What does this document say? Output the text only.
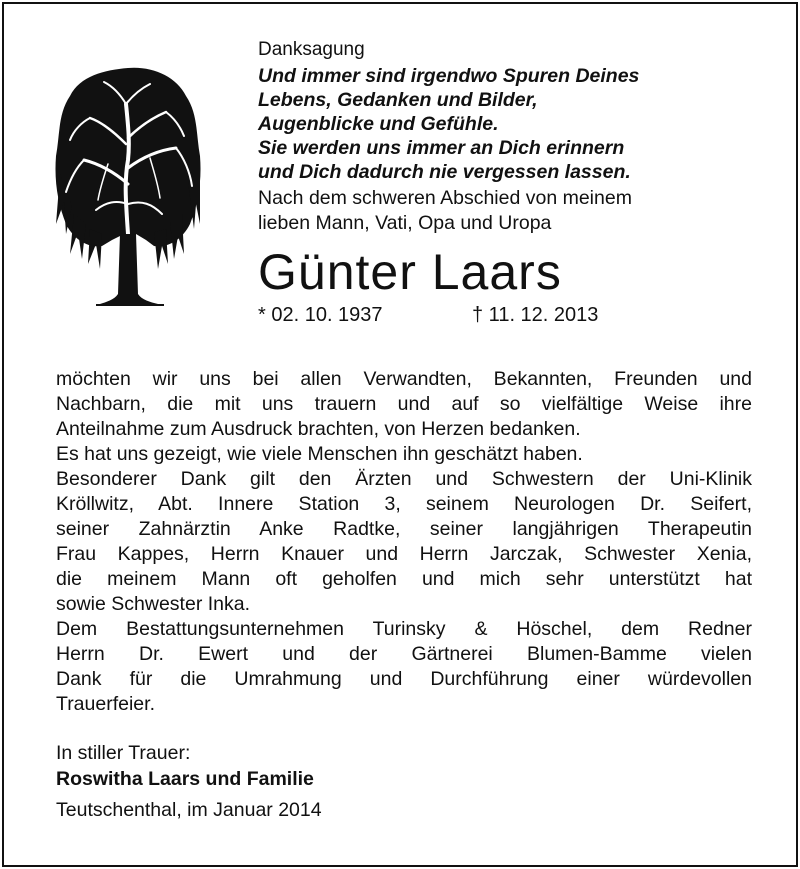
Danksagung
Und immer sind irgendwo Spuren Deines
Lebens, Gedanken und Bilder,
Augenblicke und Gefühle.
Sie werden uns immer an Dich erinnern
und Dich dadurch nie vergessen lassen.
Nach dem schweren Abschied von meinem
lieben Mann, Vati, Opa und Uropa
Günter Laars
* 02. 10. 1937	† 11. 12. 2013
möchten wir uns bei allen Verwandten, Bekannten, Freunden und
Nachbarn, die mit uns trauern und auf so vielfältige Weise ihre
Anteilnahme zum Ausdruck brachten, von Herzen bedanken.
Es hat uns gezeigt, wie viele Menschen ihn geschätzt haben.
Besonderer Dank gilt den Ärzten und Schwestern der Uni-Klinik
Kröllwitz, Abt. Innere Station 3, seinem Neurologen Dr. Seifert,
seiner Zahnärztin Anke Radtke, seiner langjährigen Therapeutin
Frau Kappes, Herrn Knauer und Herrn Jarczak, Schwester Xenia,
die meinem Mann oft geholfen und mich sehr unterstützt hat
sowie Schwester Inka.
Dem Bestattungsunternehmen Turinsky & Höschel, dem Redner
Herrn Dr. Ewert und der Gärtnerei Blumen-Bamme vielen
Dank für die Umrahmung und Durchführung einer würdevollen
Trauerfeier.
In stiller Trauer:
Roswitha Laars und Familie
Teutschenthal, im Januar 2014
